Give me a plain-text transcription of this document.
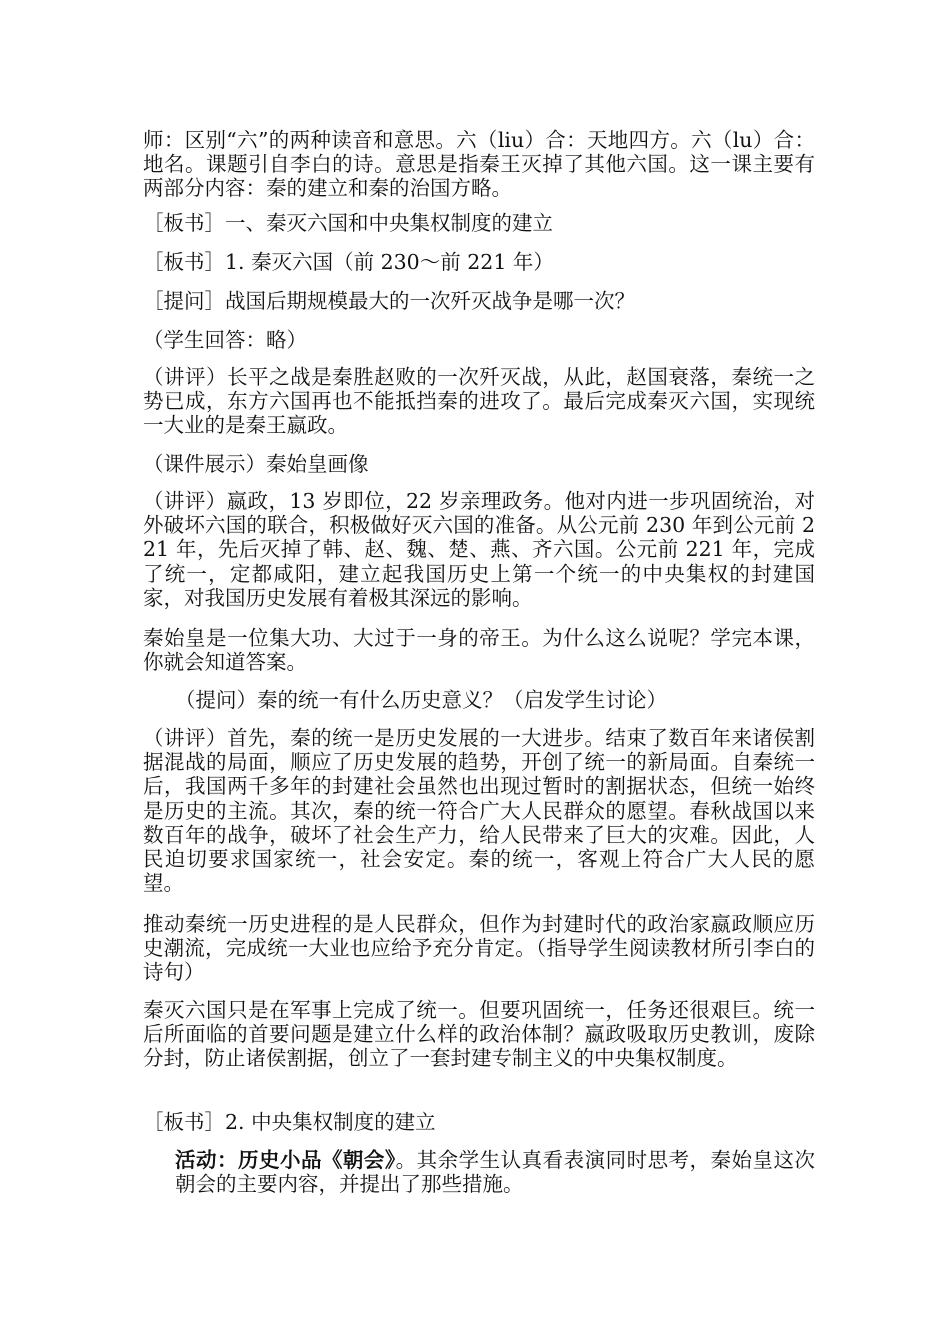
师：区别“六”的两种读音和意思。六（liu）合：天地四方。六（lu）合：地名。课题引自李白的诗。意思是指秦王灭掉了其他六国。这一课主要有两部分内容：秦的建立和秦的治国方略。

［板书］一、秦灭六国和中央集权制度的建立

［板书］1. 秦灭六国（前 230～前 221 年）

［提问］战国后期规模最大的一次歼灭战争是哪一次？

（学生回答：略）

（讲评）长平之战是秦胜赵败的一次歼灭战，从此，赵国衰落，秦统一之势已成，东方六国再也不能抵挡秦的进攻了。最后完成秦灭六国，实现统一大业的是秦王嬴政。

（课件展示）秦始皇画像

（讲评）嬴政，13 岁即位，22 岁亲理政务。他对内进一步巩固统治，对外破坏六国的联合，积极做好灭六国的准备。从公元前 230 年到公元前 221 年，先后灭掉了韩、赵、魏、楚、燕、齐六国。公元前 221 年，完成了统一，定都咸阳，建立起我国历史上第一个统一的中央集权的封建国家，对我国历史发展有着极其深远的影响。

秦始皇是一位集大功、大过于一身的帝王。为什么这么说呢？学完本课，你就会知道答案。

（提问）秦的统一有什么历史意义？（启发学生讨论）

（讲评）首先，秦的统一是历史发展的一大进步。结束了数百年来诸侯割据混战的局面，顺应了历史发展的趋势，开创了统一的新局面。自秦统一后，我国两千多年的封建社会虽然也出现过暂时的割据状态，但统一始终是历史的主流。其次，秦的统一符合广大人民群众的愿望。春秋战国以来数百年的战争，破坏了社会生产力，给人民带来了巨大的灾难。因此，人民迫切要求国家统一，社会安定。秦的统一，客观上符合广大人民的愿望。

推动秦统一历史进程的是人民群众，但作为封建时代的政治家嬴政顺应历史潮流，完成统一大业也应给予充分肯定。（指导学生阅读教材所引李白的诗句）

秦灭六国只是在军事上完成了统一。但要巩固统一，任务还很艰巨。统一后所面临的首要问题是建立什么样的政治体制？嬴政吸取历史教训，废除分封，防止诸侯割据，创立了一套封建专制主义的中央集权制度。

［板书］2. 中央集权制度的建立

活动：历史小品《朝会》。其余学生认真看表演同时思考，秦始皇这次朝会的主要内容，并提出了那些措施。
